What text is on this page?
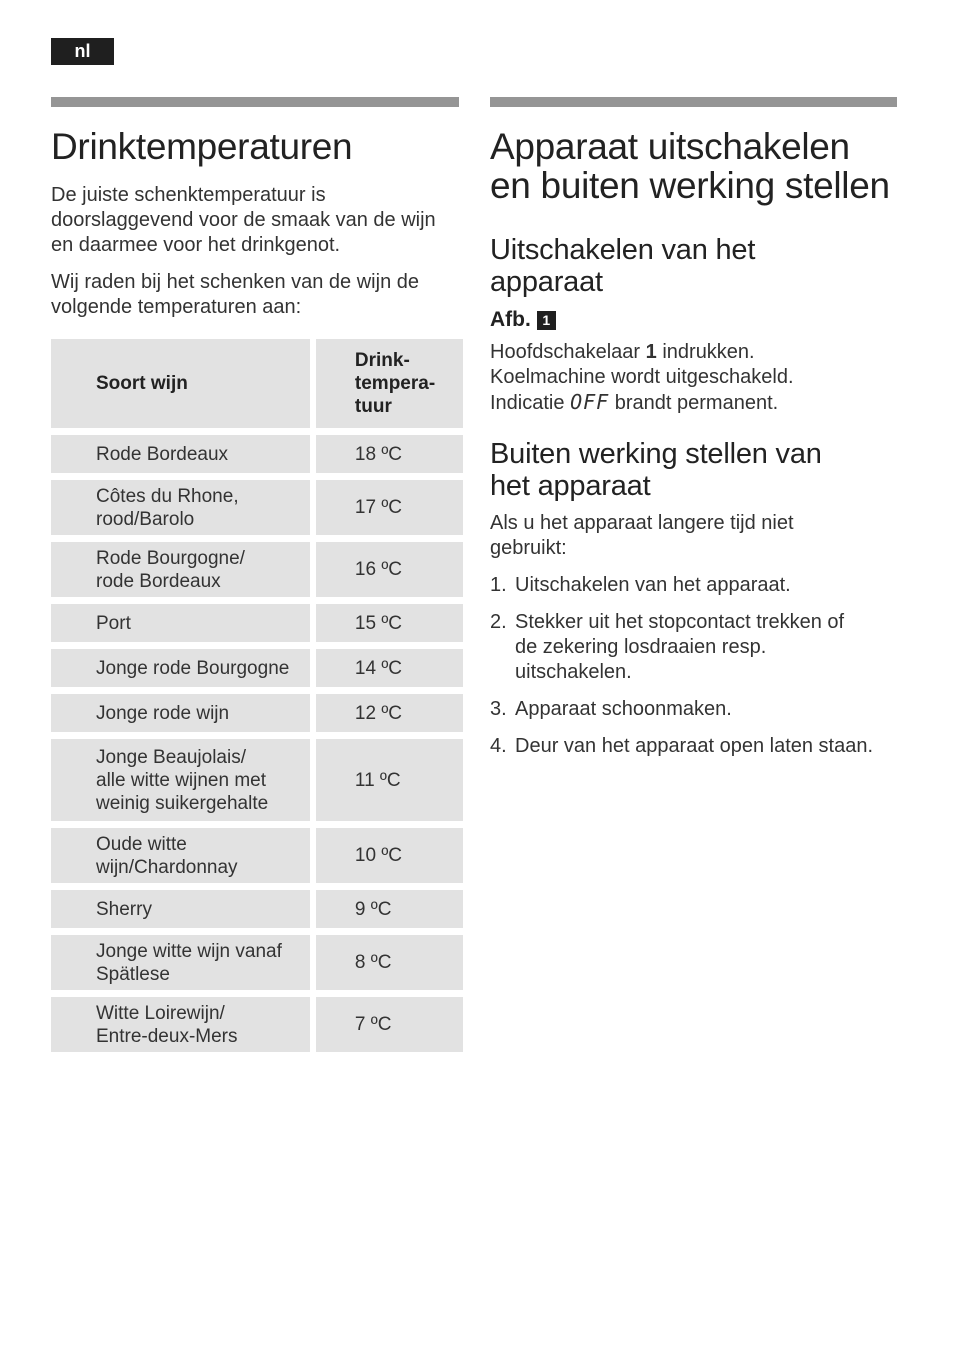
nl
Drinktemperaturen

De juiste schenktemperatuur is doorslaggevend voor de smaak van de wijn en daarmee voor het drinkgenot.

Wij raden bij het schenken van de wijn de volgende temperaturen aan:

Soort wijn	Drink-
tempera-
tuur
Rode Bordeaux	18 ºC
Côtes du Rhone,
rood/Barolo	17 ºC
Rode Bourgogne/
rode Bordeaux	16 ºC
Port	15 ºC
Jonge rode Bourgogne	14 ºC
Jonge rode wijn	12 ºC
Jonge Beaujolais/
alle witte wijnen met
weinig suikergehalte	11 ºC
Oude witte
wijn/Chardonnay	10 ºC
Sherry	9 ºC
Jonge witte wijn vanaf
Spätlese	8 ºC
Witte Loirewijn/
Entre-deux-Mers	7 ºC
Apparaat uitschakelen en buiten werking stellen
Uitschakelen van het apparaat
Afb. 1

Hoofdschakelaar 1 indrukken.

Koelmachine wordt uitgeschakeld.

Indicatie OFF brandt permanent.

Buiten werking stellen van het apparaat

Als u het apparaat langere tijd niet gebruikt:

1. Uitschakelen van het apparaat.
2. Stekker uit het stopcontact trekken of de zekering losdraaien resp. uitschakelen.
3. Apparaat schoonmaken.
4. Deur van het apparaat open laten staan.
